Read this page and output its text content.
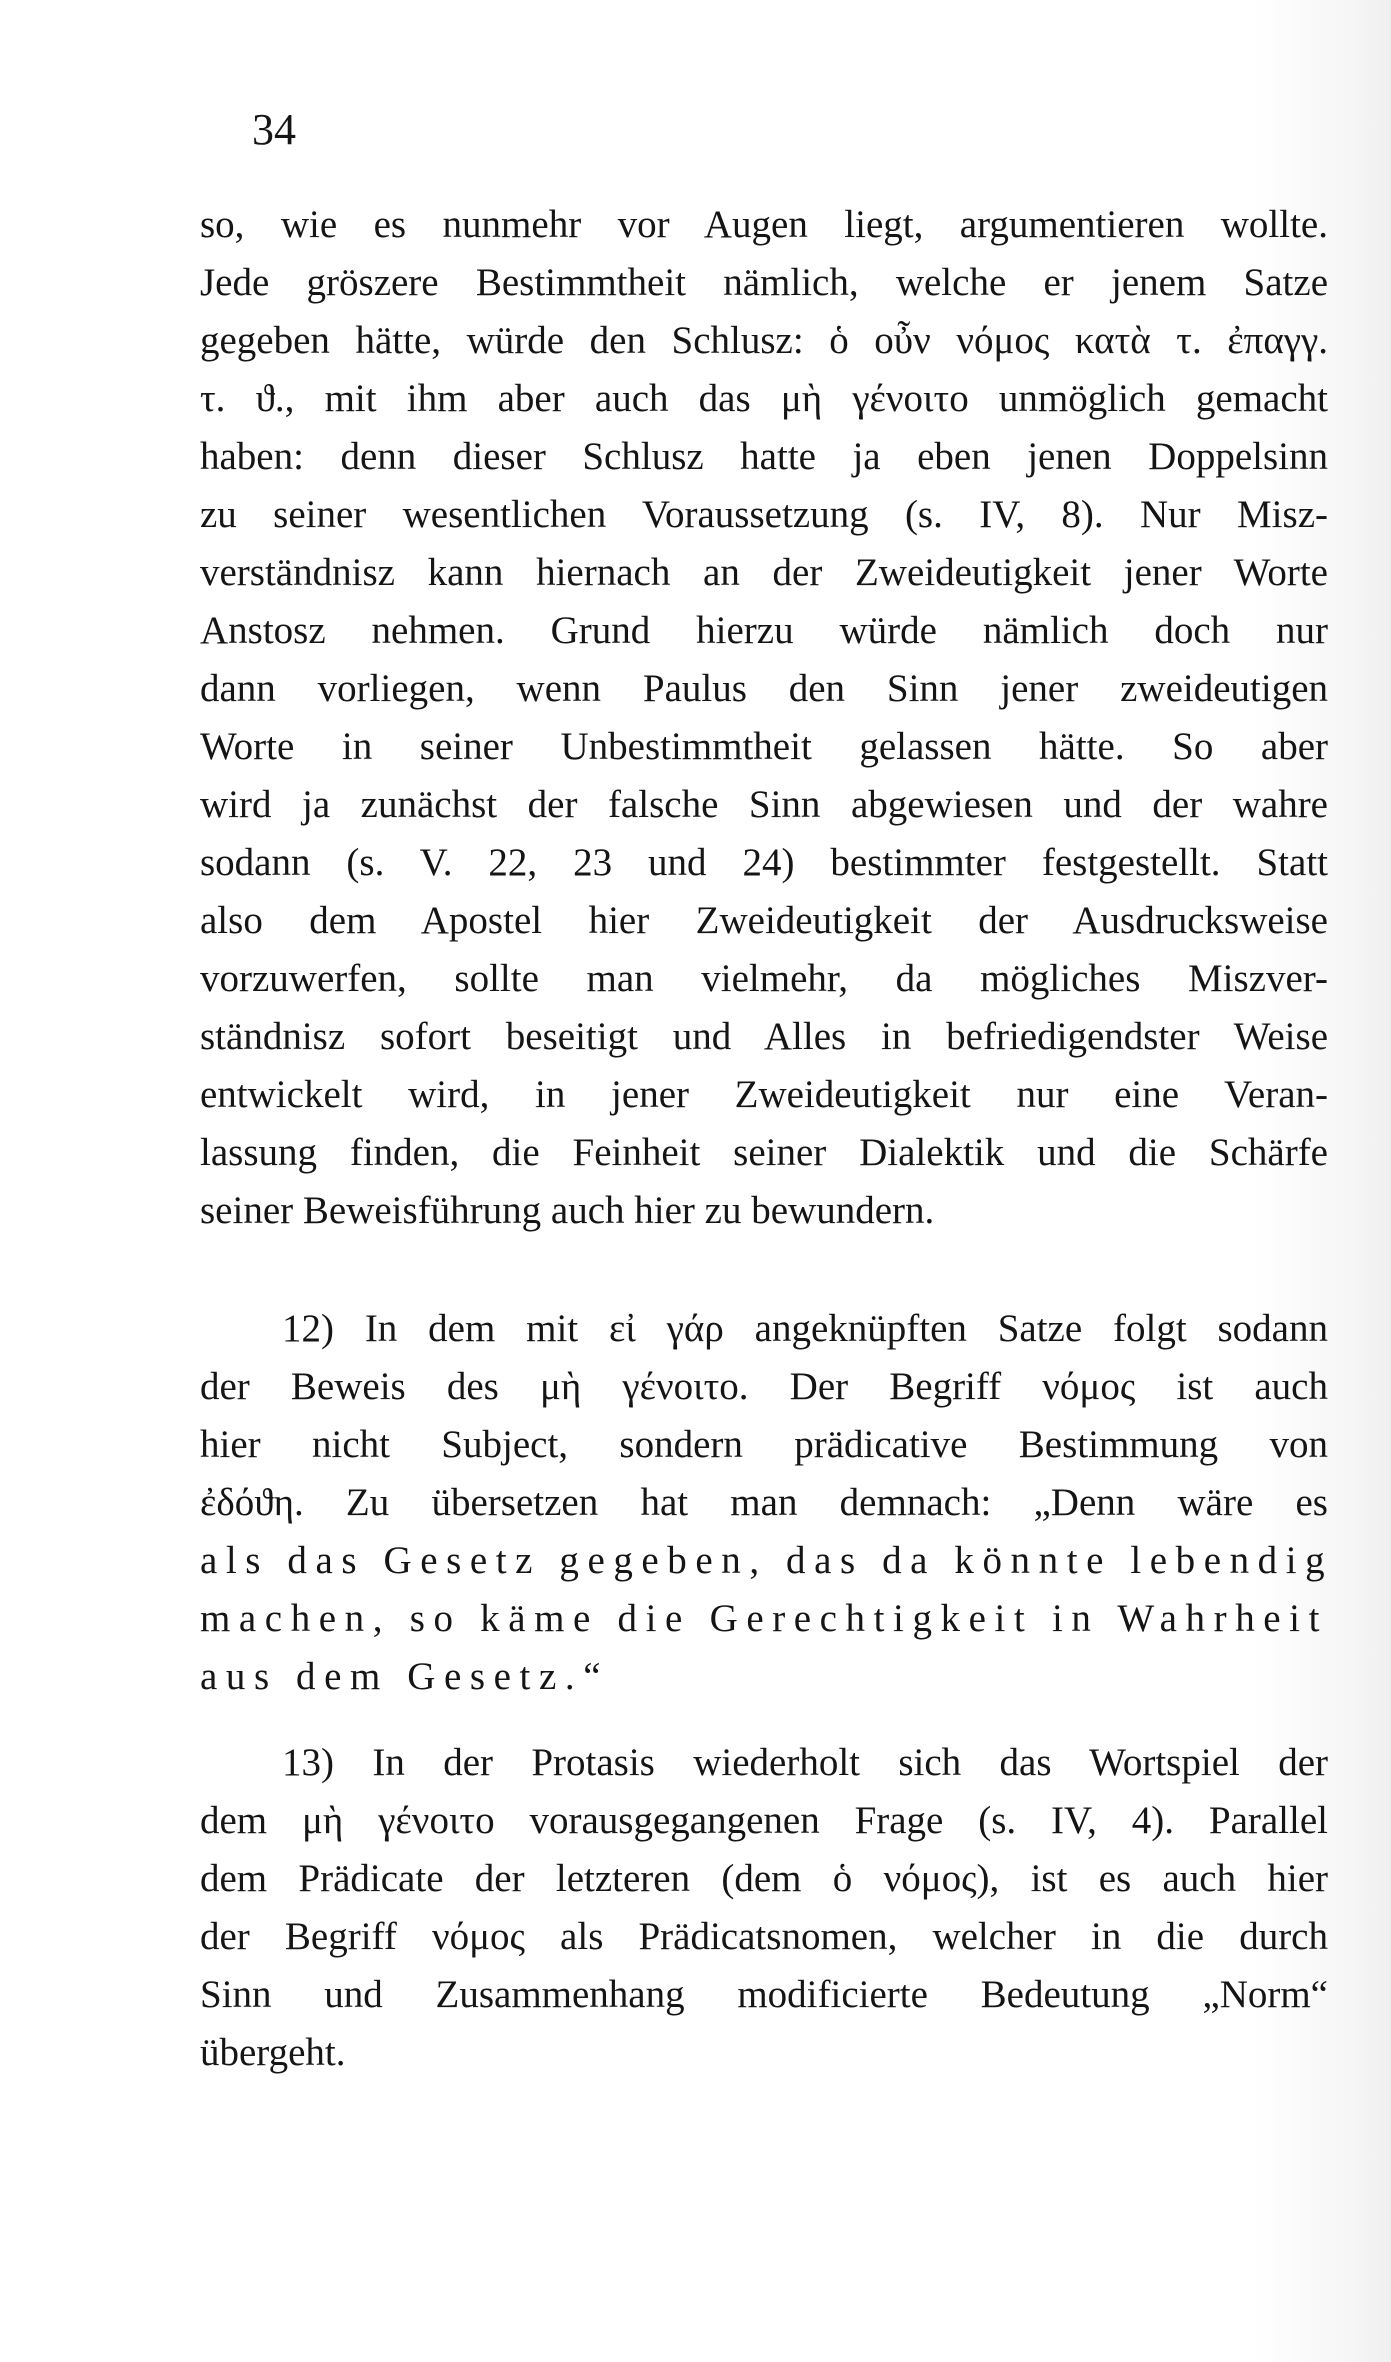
34
so, wie es nunmehr vor Augen liegt, argumentieren wollte.
Jede gröszere Bestimmtheit nämlich, welche er jenem Satze
gegeben hätte, würde den Schlusz: ὁ οὖν νόμος κατὰ τ. ἐπαγγ.
τ. ϑ., mit ihm aber auch das μὴ γένοιτο unmöglich gemacht
haben: denn dieser Schlusz hatte ja eben jenen Doppelsinn
zu seiner wesentlichen Voraussetzung (s. IV, 8). Nur Misz-
verständnisz kann hiernach an der Zweideutigkeit jener Worte
Anstosz nehmen. Grund hierzu würde nämlich doch nur
dann vorliegen, wenn Paulus den Sinn jener zweideutigen
Worte in seiner Unbestimmtheit gelassen hätte. So aber
wird ja zunächst der falsche Sinn abgewiesen und der wahre
sodann (s. V. 22, 23 und 24) bestimmter festgestellt. Statt
also dem Apostel hier Zweideutigkeit der Ausdrucksweise
vorzuwerfen, sollte man vielmehr, da mögliches Miszver-
ständnisz sofort beseitigt und Alles in befriedigendster Weise
entwickelt wird, in jener Zweideutigkeit nur eine Veran-
lassung finden, die Feinheit seiner Dialektik und die Schärfe
seiner Beweisführung auch hier zu bewundern.
12) In dem mit εἰ γάρ angeknüpften Satze folgt sodann
der Beweis des μὴ γένοιτο. Der Begriff νόμος ist auch
hier nicht Subject, sondern prädicative Bestimmung von
ἐδόϑη. Zu übersetzen hat man demnach: „Denn wäre es
als das Gesetz gegeben, das da könnte lebendig
machen, so käme die Gerechtigkeit in Wahrheit
aus dem Gesetz.“
13) In der Protasis wiederholt sich das Wortspiel der
dem μὴ γένοιτο vorausgegangenen Frage (s. IV, 4). Parallel
dem Prädicate der letzteren (dem ὁ νόμος), ist es auch hier
der Begriff νόμος als Prädicatsnomen, welcher in die durch
Sinn und Zusammenhang modificierte Bedeutung „Norm“
übergeht.
